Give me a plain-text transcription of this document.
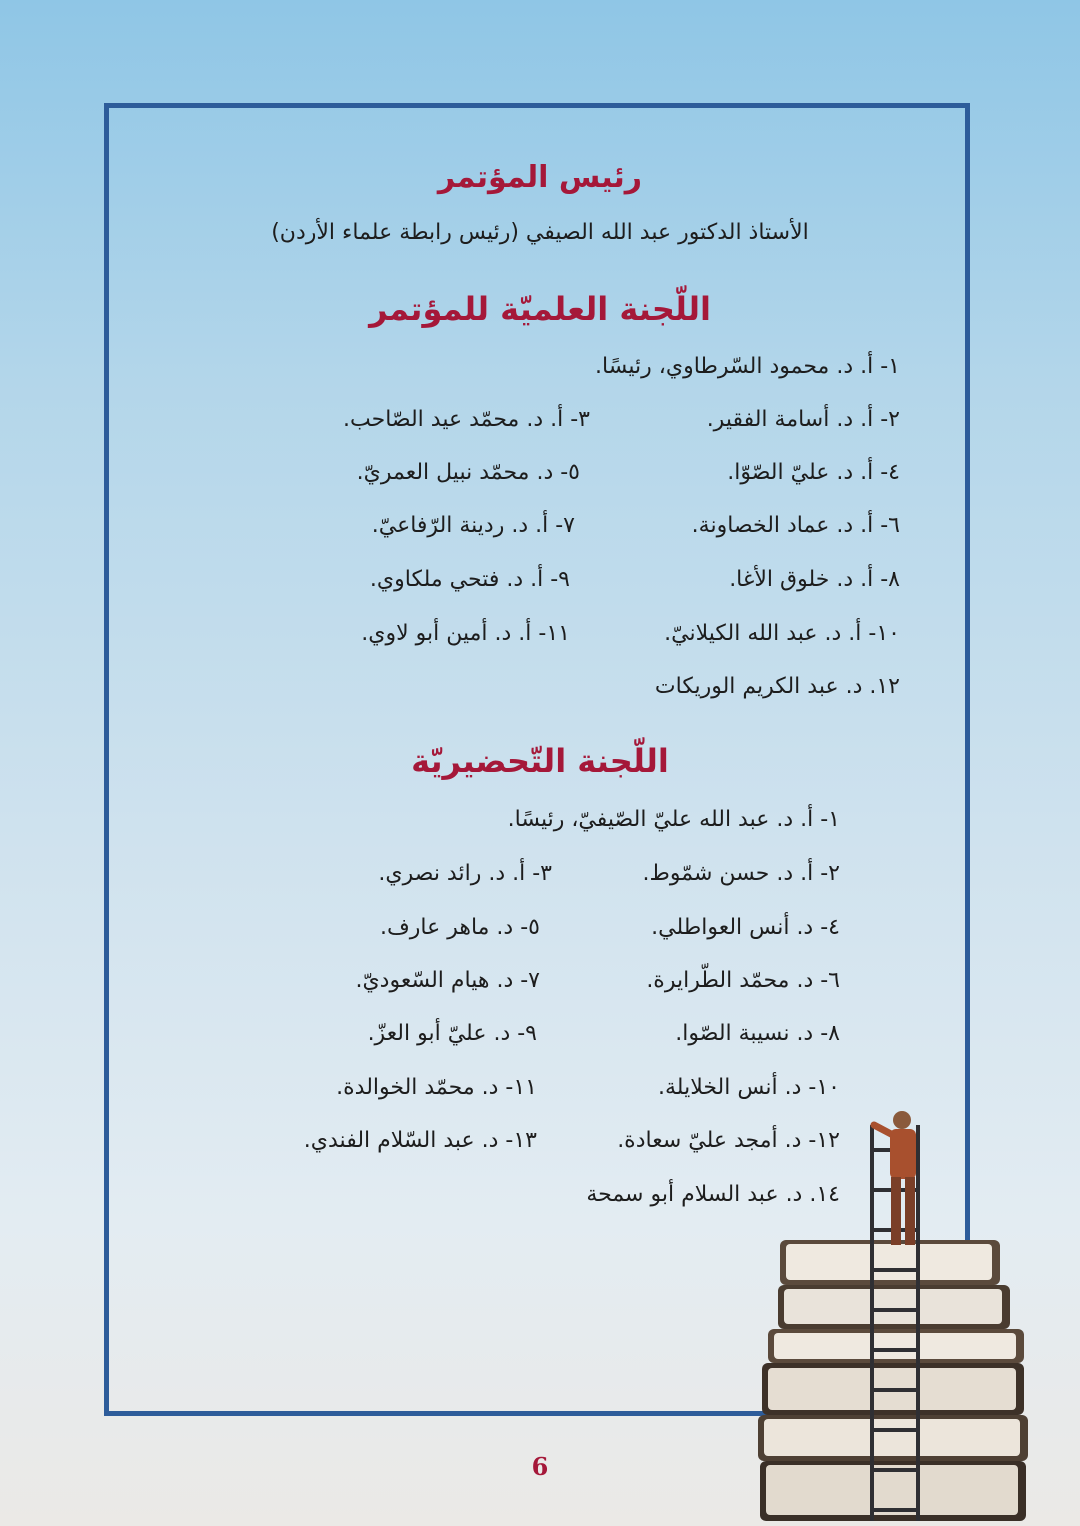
رئيس المؤتمر
الأستاذ الدكتور عبد الله الصيفي (رئيس رابطة علماء الأردن)
اللّجنة العلميّة للمؤتمر
١- أ. د. محمود السّرطاوي، رئيسًا.
٢- أ. د. أسامة الفقير.
٣- أ. د. محمّد عيد الصّاحب.
٤- أ. د. عليّ الصّوّا.
٥- د. محمّد نبيل العمريّ.
٦- أ. د. عماد الخصاونة.
٧- أ. د. ردينة الرّفاعيّ.
٨- أ. د. خلوق الأغا.
٩- أ. د. فتحي ملكاوي.
١٠- أ. د. عبد الله الكيلانيّ.
١١- أ. د. أمين أبو لاوي.
١٢. د. عبد الكريم الوريكات
اللّجنة التّحضيريّة
١- أ. د. عبد الله عليّ الصّيفيّ، رئيسًا.
٢- أ. د. حسن شمّوط.
٣- أ. د. رائد نصري.
٤- د. أنس العواطلي.
٥- د. ماهر عارف.
٦- د. محمّد الطّرايرة.
٧- د. هيام السّعوديّ.
٨- د. نسيبة الصّوا.
٩- د. عليّ أبو العزّ.
١٠- د. أنس الخلايلة.
١١- د. محمّد الخوالدة.
١٢- د. أمجد عليّ سعادة.
١٣- د. عبد السّلام الفندي.
١٤. د. عبد السلام أبو سمحة
6
